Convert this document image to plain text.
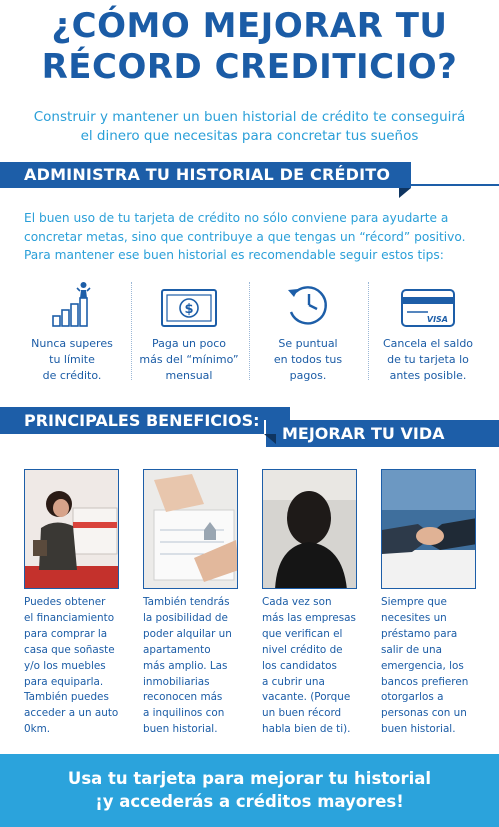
¿CÓMO MEJORAR TU
RÉCORD CREDITICIO?
Construir y mantener un buen historial de crédito te conseguirá
el dinero que necesitas para concretar tus sueños
ADMINISTRA TU HISTORIAL DE CRÉDITO
El buen uso de tu tarjeta de crédito no sólo conviene para ayudarte a
concretar metas, sino que contribuye a que tengas un “récord” positivo.
Para mantener ese buen historial es recomendable seguir estos tips:
Nunca superes
tu límite
de crédito.
$
Paga un poco
más del “mínimo”
mensual
Se puntual
en todos tus
pagos.
VISA
Cancela el saldo
de tu tarjeta lo
antes posible.
PRINCIPALES BENEFICIOS:
MEJORAR TU VIDA
Puedes obtener
el financiamiento
para comprar la
casa que soñaste
y/o los muebles
para equiparla.
También puedes
acceder a un auto
0km.
También tendrás
la posibilidad de
poder alquilar un
apartamento
más amplio. Las
inmobiliarias
reconocen más
a inquilinos con
buen historial.
Cada vez son
más las empresas
que verifican el
nivel crédito de
los candidatos
a cubrir una
vacante. (Porque
un buen récord
habla bien de ti).
Siempre que
necesites un
préstamo para
salir de una
emergencia, los
bancos prefieren
otorgarlos a
personas con un
buen historial.
Usa tu tarjeta para mejorar tu historial
¡y accederás a créditos mayores!
